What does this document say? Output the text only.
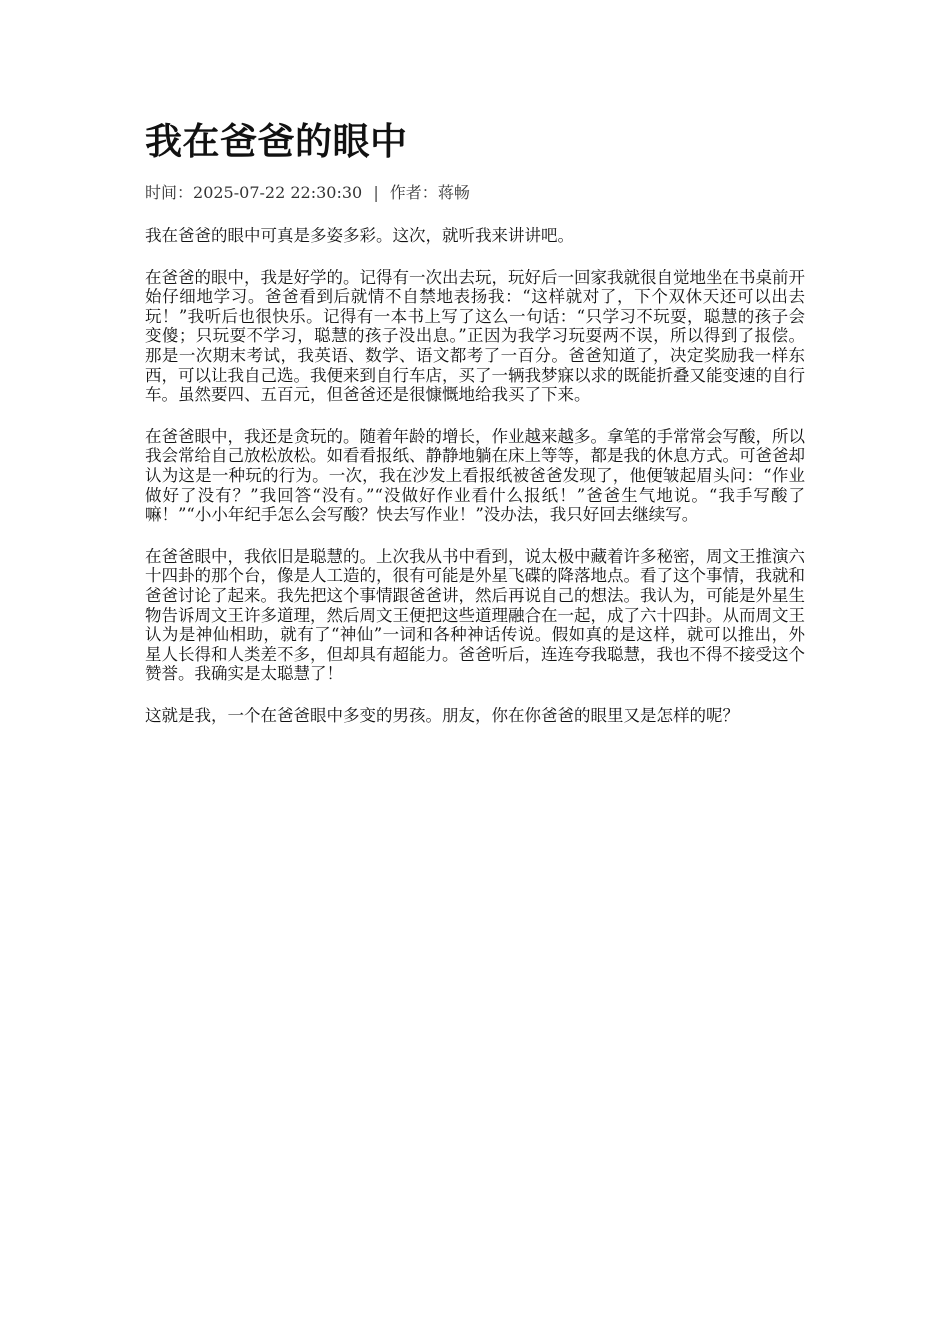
我在爸爸的眼中
时间：2025-07-22 22:30:30 | 作者：蒋畅

我在爸爸的眼中可真是多姿多彩。这次，就听我来讲讲吧。

在爸爸的眼中，我是好学的。记得有一次出去玩，玩好后一回家我就很自觉地坐在书桌前开始仔细地学习。爸爸看到后就情不自禁地表扬我：“这样就对了，下个双休天还可以出去玩！”我听后也很快乐。记得有一本书上写了这么一句话：“只学习不玩耍，聪慧的孩子会变傻；只玩耍不学习，聪慧的孩子没出息。”正因为我学习玩耍两不误，所以得到了报偿。那是一次期末考试，我英语、数学、语文都考了一百分。爸爸知道了，决定奖励我一样东西，可以让我自己选。我便来到自行车店，买了一辆我梦寐以求的既能折叠又能变速的自行车。虽然要四、五百元，但爸爸还是很慷慨地给我买了下来。

在爸爸眼中，我还是贪玩的。随着年龄的增长，作业越来越多。拿笔的手常常会写酸，所以我会常给自己放松放松。如看看报纸、静静地躺在床上等等，都是我的休息方式。可爸爸却认为这是一种玩的行为。一次，我在沙发上看报纸被爸爸发现了，他便皱起眉头问：“作业做好了没有？”我回答“没有。”“没做好作业看什么报纸！”爸爸生气地说。“我手写酸了嘛！”“小小年纪手怎么会写酸？快去写作业！”没办法，我只好回去继续写。

在爸爸眼中，我依旧是聪慧的。上次我从书中看到，说太极中藏着许多秘密，周文王推演六十四卦的那个台，像是人工造的，很有可能是外星飞碟的降落地点。看了这个事情，我就和爸爸讨论了起来。我先把这个事情跟爸爸讲，然后再说自己的想法。我认为，可能是外星生物告诉周文王许多道理，然后周文王便把这些道理融合在一起，成了六十四卦。从而周文王认为是神仙相助，就有了“神仙”一词和各种神话传说。假如真的是这样，就可以推出，外星人长得和人类差不多，但却具有超能力。爸爸听后，连连夸我聪慧，我也不得不接受这个赞誉。我确实是太聪慧了！

这就是我，一个在爸爸眼中多变的男孩。朋友，你在你爸爸的眼里又是怎样的呢？
